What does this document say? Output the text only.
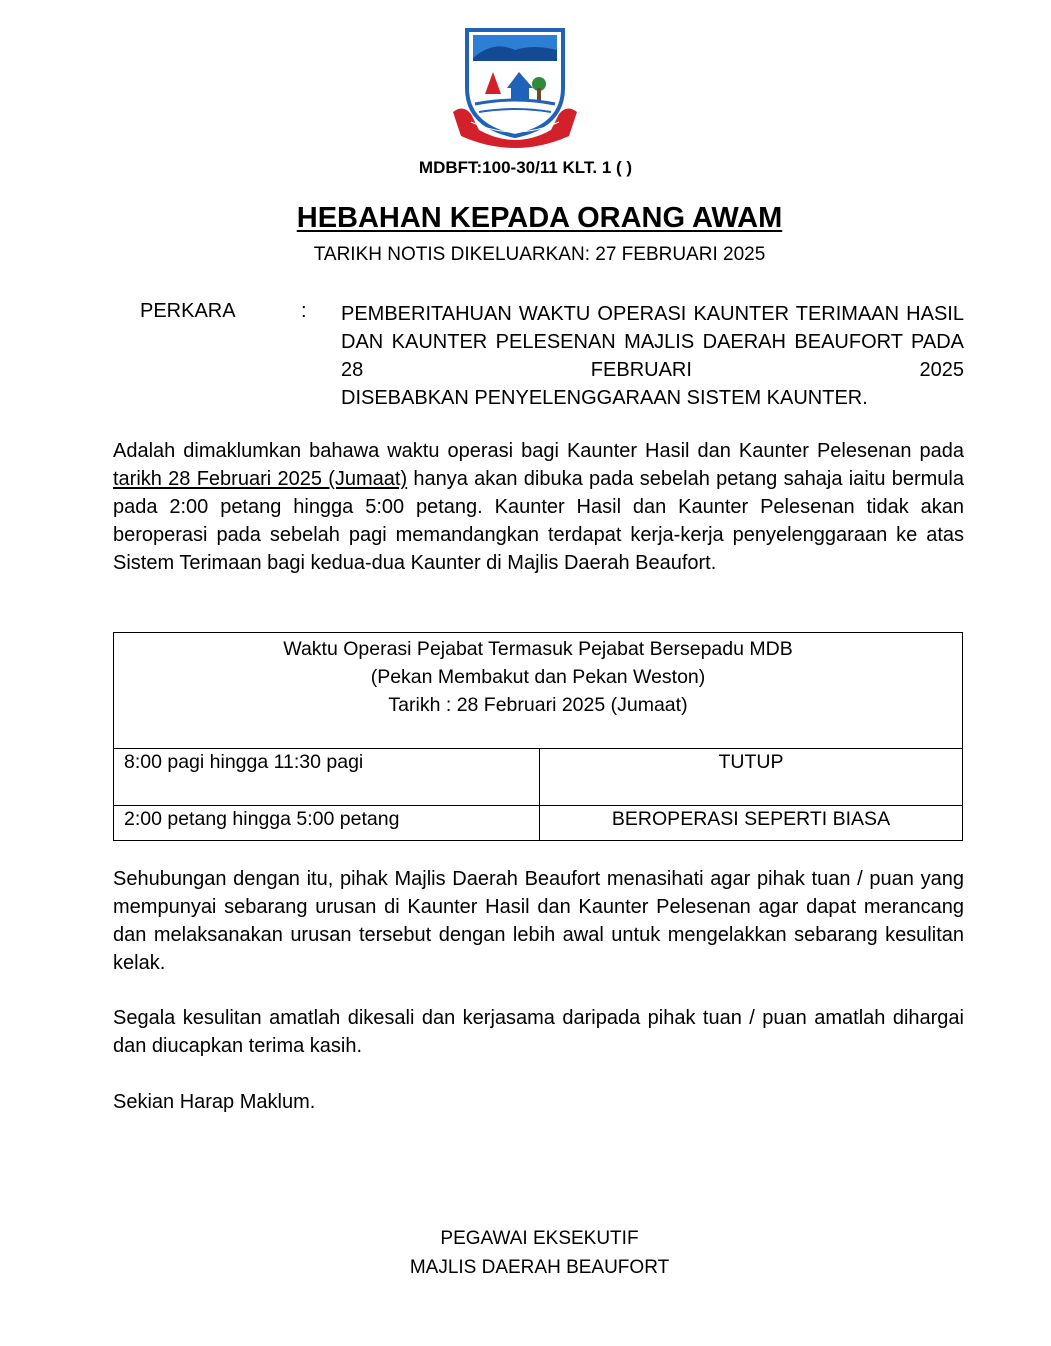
MDBFT:100-30/11 KLT. 1 ( )
HEBAHAN KEPADA ORANG AWAM
TARIKH NOTIS DIKELUARKAN: 27 FEBRUARI 2025
PERKARA	: PEMBERITAHUAN WAKTU OPERASI KAUNTER TERIMAAN HASIL DAN KAUNTER PELESENAN MAJLIS DAERAH BEAUFORT PADA 28 FEBRUARI 2025
DISEBABKAN PENYELENGGARAAN SISTEM KAUNTER.
Adalah dimaklumkan bahawa waktu operasi bagi Kaunter Hasil dan Kaunter Pelesenan pada tarikh 28 Februari 2025 (Jumaat) hanya akan dibuka pada sebelah petang sahaja iaitu bermula pada 2:00 petang hingga 5:00 petang. Kaunter Hasil dan Kaunter Pelesenan tidak akan beroperasi pada sebelah pagi memandangkan terdapat kerja-kerja penyelenggaraan ke atas Sistem Terimaan bagi kedua-dua Kaunter di Majlis Daerah Beaufort.
Waktu Operasi Pejabat Termasuk Pejabat Bersepadu MDB
(Pekan Membakut dan Pekan Weston)
Tarikh : 28 Februari 2025 (Jumaat)	

8:00 pagi hingga 11:30 pagi	TUTUP
2:00 petang hingga 5:00 petang	BEROPERASI SEPERTI BIASA
Sehubungan dengan itu, pihak Majlis Daerah Beaufort menasihati agar pihak tuan / puan yang mempunyai sebarang urusan di Kaunter Hasil dan Kaunter Pelesenan agar dapat merancang dan melaksanakan urusan tersebut dengan lebih awal untuk mengelakkan sebarang kesulitan kelak.
Segala kesulitan amatlah dikesali dan kerjasama daripada pihak tuan / puan amatlah dihargai dan diucapkan terima kasih.
Sekian Harap Maklum.
PEGAWAI EKSEKUTIF
MAJLIS DAERAH BEAUFORT
